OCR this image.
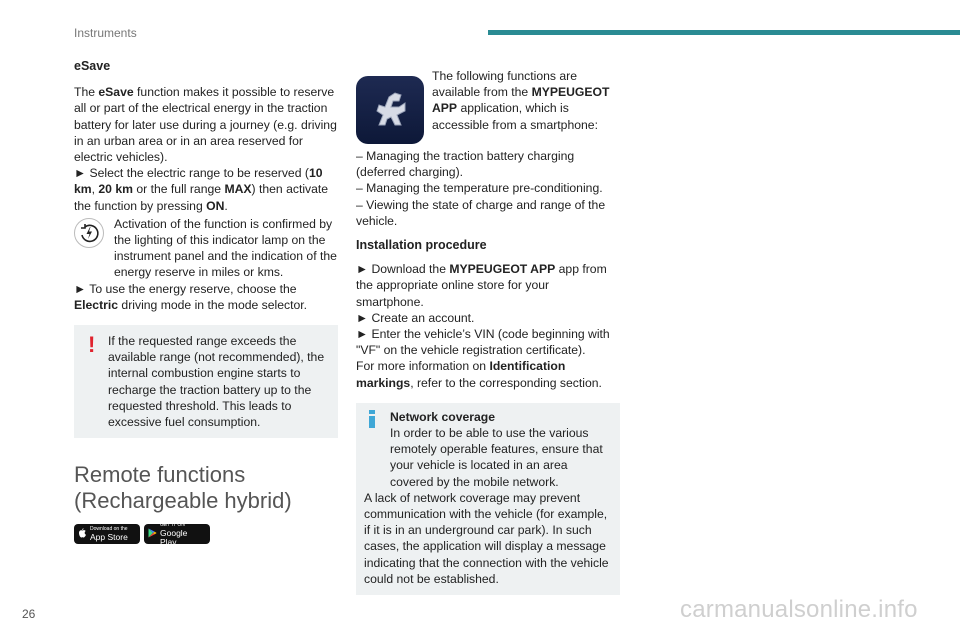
Instruments

eSave

The eSave function makes it possible to reserve all or part of the electrical energy in the traction battery for later use during a journey (e.g. driving in an urban area or in an area reserved for electric vehicles).

► Select the electric range to be reserved (10 km, 20 km or the full range MAX) then activate the function by pressing ON.

Activation of the function is confirmed by the lighting of this indicator lamp on the instrument panel and the indication of the energy reserve in miles or kms.

► To use the energy reserve, choose the Electric driving mode in the mode selector.

!	If the requested range exceeds the available range (not recommended), the internal combustion engine starts to recharge the traction battery up to the requested threshold. This leads to excessive fuel consumption.

Remote functions (Rechargeable hybrid)
Download on the
App Store
GET IT ON
Google Play

The following functions are available from the MYPEUGEOT APP application, which is accessible from a smartphone:

– Managing the traction battery charging (deferred charging).

– Managing the temperature pre-conditioning.

– Viewing the state of charge and range of the vehicle.

Installation procedure

► Download the MYPEUGEOT APP app from the appropriate online store for your smartphone.

► Create an account.

► Enter the vehicle’s VIN (code beginning with "VF" on the vehicle registration certificate).

For more information on Identification markings, refer to the corresponding section.

Network coverage

In order to be able to use the various remotely operable features, ensure that your vehicle is located in an area covered by the mobile network.

A lack of network coverage may prevent communication with the vehicle (for example, if it is in an underground car park). In such cases, the application will display a message indicating that the connection with the vehicle could not be established.

26	carmanualsonline.info
